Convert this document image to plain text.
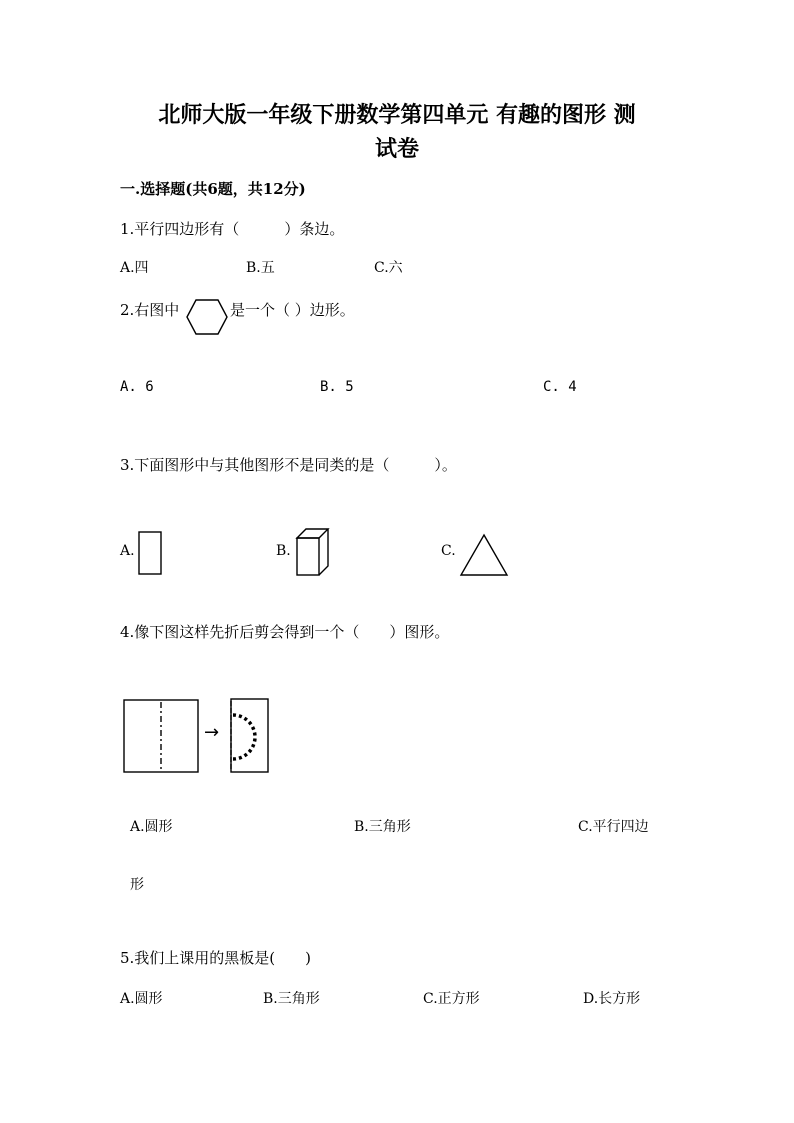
北师大版一年级下册数学第四单元 有趣的图形 测
试卷
一.选择题(共6题，共12分)
1.平行四边形有（　　　）条边。
A.四	B.五	C.六
2.右图中	是一个（ ）边形。
A. 6	B. 5	C. 4
3.下面图形中与其他图形不是同类的是（　　　）。
A.	B.	C.
4.像下图这样先折后剪会得到一个（　　）图形。
→
A.圆形	B.三角形	C.平行四边
形
5.我们上课用的黑板是(　　)
A.圆形	B.三角形	C.正方形	D.长方形
